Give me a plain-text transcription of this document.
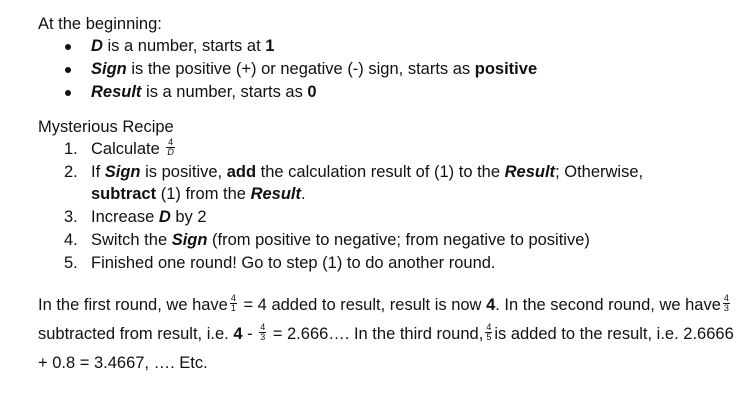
At the beginning:
D is a number, starts at 1
Sign is the positive (+) or negative (-) sign, starts as positive
Result is a number, starts as 0
Mysterious Recipe
1. Calculate $\frac{4}{D}$
2. If Sign is positive, add the calculation result of (1) to the Result; Otherwise,
subtract (1) from the Result.
3. Increase D by 2
4. Switch the Sign (from positive to negative; from negative to positive)
5. Finished one round! Go to step (1) to do another round.

In the first round, we have $\frac{4}{1} = 4$ added to result, result is now 4. In the second round, we have $\frac{4}{3}$
subtracted from result, i.e. $4 - \frac{4}{3}$ = 2.666…. In the third round, $\frac{4}{5}$ is added to the result, i.e. 2.6666 + 0.8 = 3.4667, …. Etc.
